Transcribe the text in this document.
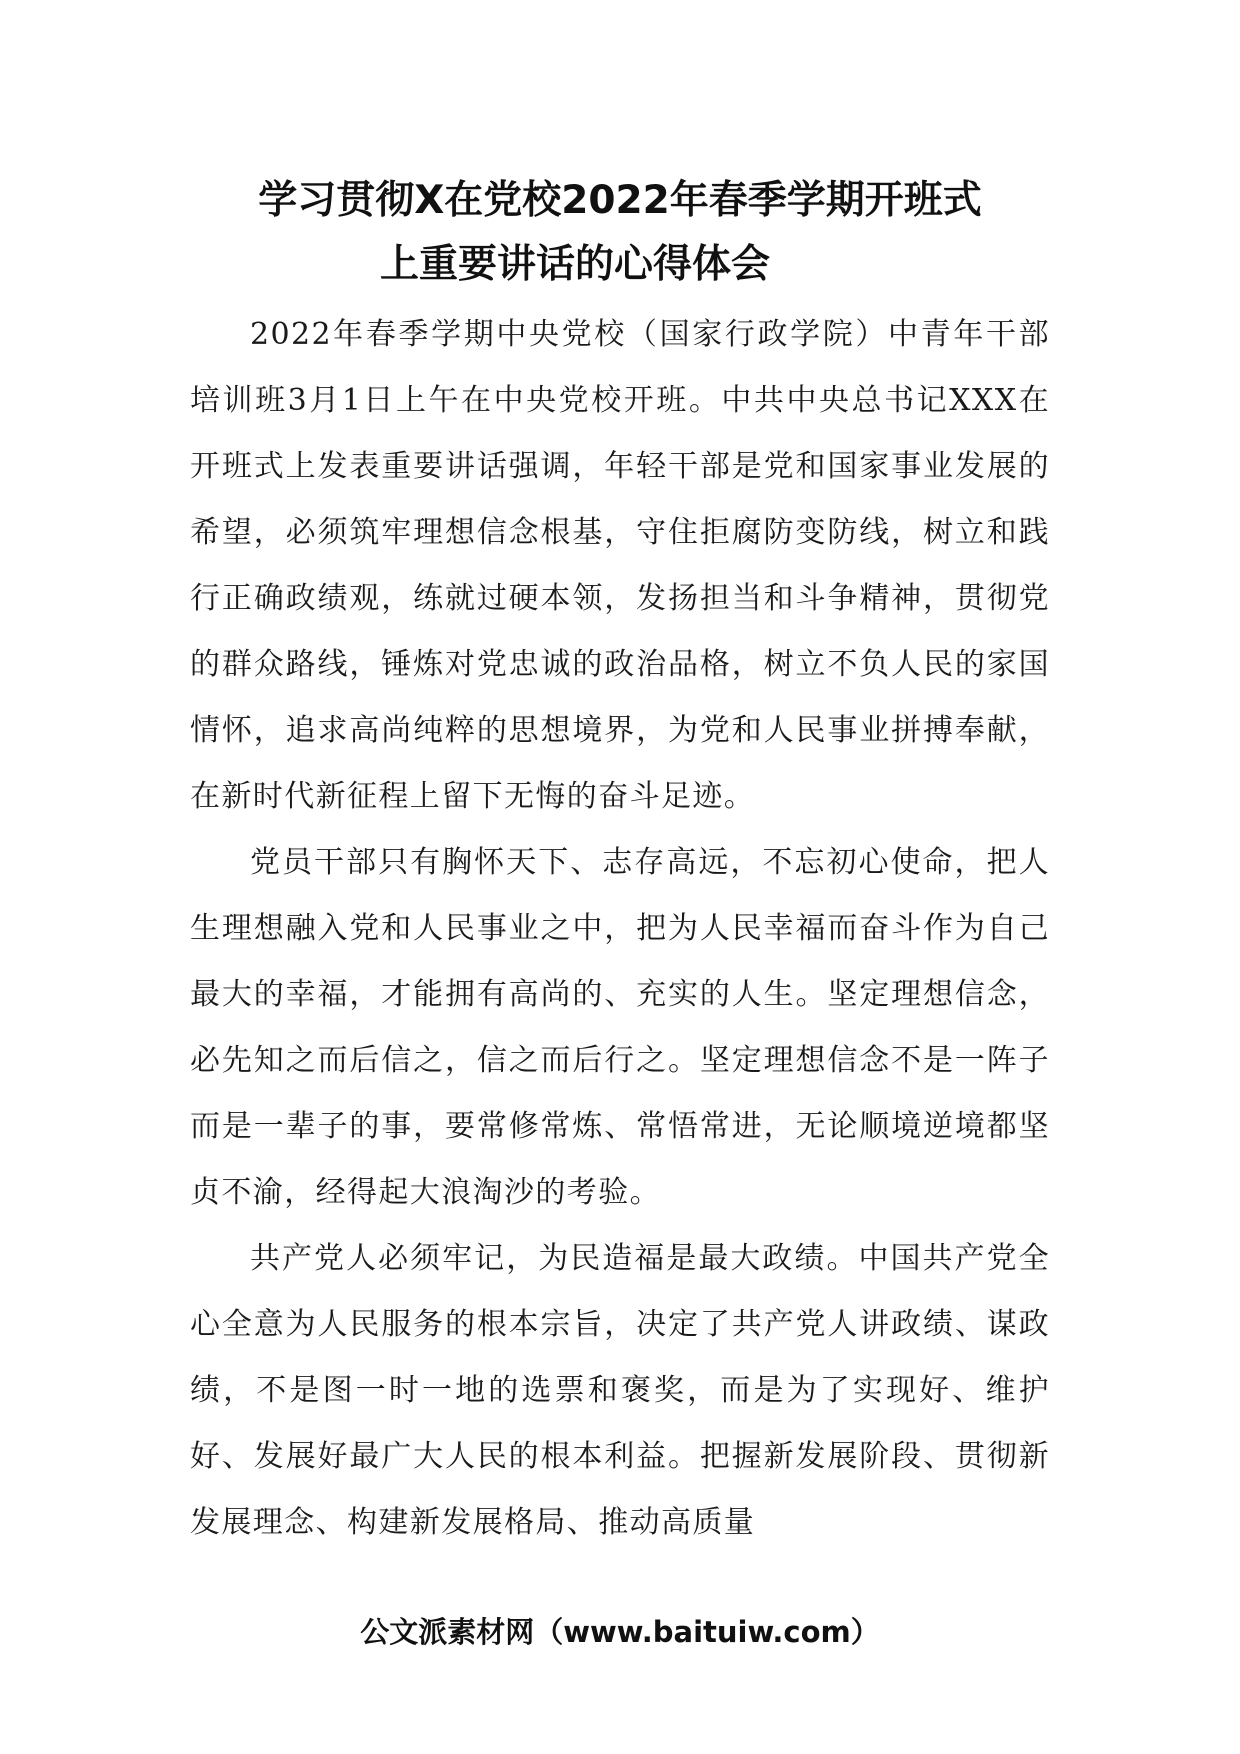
学习贯彻X在党校2022年春季学期开班式
上重要讲话的心得体会

2022年春季学期中央党校（国家行政学院）中青年干部培训班3月1日上午在中央党校开班。中共中央总书记XXX在开班式上发表重要讲话强调，年轻干部是党和国家事业发展的希望，必须筑牢理想信念根基，守住拒腐防变防线，树立和践行正确政绩观，练就过硬本领，发扬担当和斗争精神，贯彻党的群众路线，锤炼对党忠诚的政治品格，树立不负人民的家国情怀，追求高尚纯粹的思想境界，为党和人民事业拼搏奉献，在新时代新征程上留下无悔的奋斗足迹。

党员干部只有胸怀天下、志存高远，不忘初心使命，把人生理想融入党和人民事业之中，把为人民幸福而奋斗作为自己最大的幸福，才能拥有高尚的、充实的人生。坚定理想信念，必先知之而后信之，信之而后行之。坚定理想信念不是一阵子而是一辈子的事，要常修常炼、常悟常进，无论顺境逆境都坚贞不渝，经得起大浪淘沙的考验。

共产党人必须牢记，为民造福是最大政绩。中国共产党全心全意为人民服务的根本宗旨，决定了共产党人讲政绩、谋政绩，不是图一时一地的选票和褒奖，而是为了实现好、维护好、发展好最广大人民的根本利益。把握新发展阶段、贯彻新发展理念、构建新发展格局、推动高质量

公文派素材网（www.baituiw.com）
